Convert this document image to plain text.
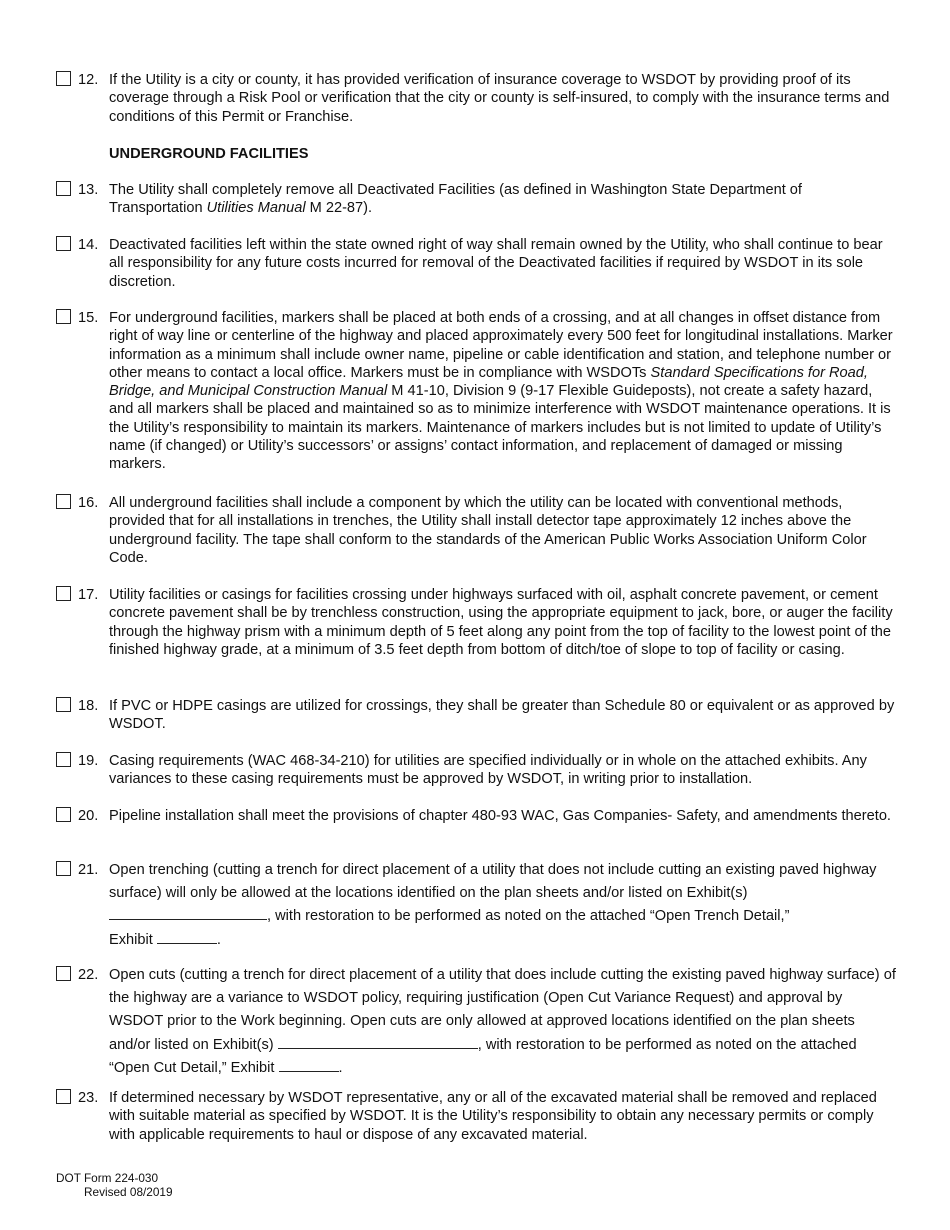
12. If the Utility is a city or county, it has provided verification of insurance coverage to WSDOT by providing proof of its coverage through a Risk Pool or verification that the city or county is self-insured, to comply with the insurance terms and conditions of this Permit or Franchise.
UNDERGROUND FACILITIES
13. The Utility shall completely remove all Deactivated Facilities (as defined in Washington State Department of Transportation Utilities Manual M 22-87).
14. Deactivated facilities left within the state owned right of way shall remain owned by the Utility, who shall continue to bear all responsibility for any future costs incurred for removal of the Deactivated facilities if required by WSDOT in its sole discretion.
15. For underground facilities, markers shall be placed at both ends of a crossing, and at all changes in offset distance from right of way line or centerline of the highway and placed approximately every 500 feet for longitudinal installations. Marker information as a minimum shall include owner name, pipeline or cable identification and station, and telephone number or other means to contact a local office. Markers must be in compliance with WSDOTs Standard Specifications for Road, Bridge, and Municipal Construction Manual M 41-10, Division 9 (9-17 Flexible Guideposts), not create a safety hazard, and all markers shall be placed and maintained so as to minimize interference with WSDOT maintenance operations. It is the Utility’s responsibility to maintain its markers. Maintenance of markers includes but is not limited to update of Utility’s name (if changed) or Utility’s successors’ or assigns’ contact information, and replacement of damaged or missing markers.
16. All underground facilities shall include a component by which the utility can be located with conventional methods, provided that for all installations in trenches, the Utility shall install detector tape approximately 12 inches above the underground facility. The tape shall conform to the standards of the American Public Works Association Uniform Color Code.
17. Utility facilities or casings for facilities crossing under highways surfaced with oil, asphalt concrete pavement, or cement concrete pavement shall be by trenchless construction, using the appropriate equipment to jack, bore, or auger the facility through the highway prism with a minimum depth of 5 feet along any point from the top of facility to the lowest point of the finished highway grade, at a minimum of 3.5 feet depth from bottom of ditch/toe of slope to top of facility or casing.
18. If PVC or HDPE casings are utilized for crossings, they shall be greater than Schedule 80 or equivalent or as approved by WSDOT.
19. Casing requirements (WAC 468-34-210) for utilities are specified individually or in whole on the attached exhibits. Any variances to these casing requirements must be approved by WSDOT, in writing prior to installation.
20. Pipeline installation shall meet the provisions of chapter 480-93 WAC, Gas Companies- Safety, and amendments thereto.
21. Open trenching (cutting a trench for direct placement of a utility that does not include cutting an existing paved highway surface) will only be allowed at the locations identified on the plan sheets and/or listed on Exhibit(s)
, with restoration to be performed as noted on the attached “Open Trench Detail,”
Exhibit	.
22. Open cuts (cutting a trench for direct placement of a utility that does include cutting the existing paved highway surface) of the highway are a variance to WSDOT policy, requiring justification (Open Cut Variance Request) and approval by WSDOT prior to the Work beginning. Open cuts are only allowed at approved locations identified on the plan sheets and/or listed on Exhibit(s)	, with restoration to be performed as noted on the attached “Open Cut Detail,” Exhibit	.
23. If determined necessary by WSDOT representative, any or all of the excavated material shall be removed and replaced with suitable material as specified by WSDOT. It is the Utility’s responsibility to obtain any necessary permits or comply with applicable requirements to haul or dispose of any excavated material.
DOT Form 224-030
Revised 08/2019
